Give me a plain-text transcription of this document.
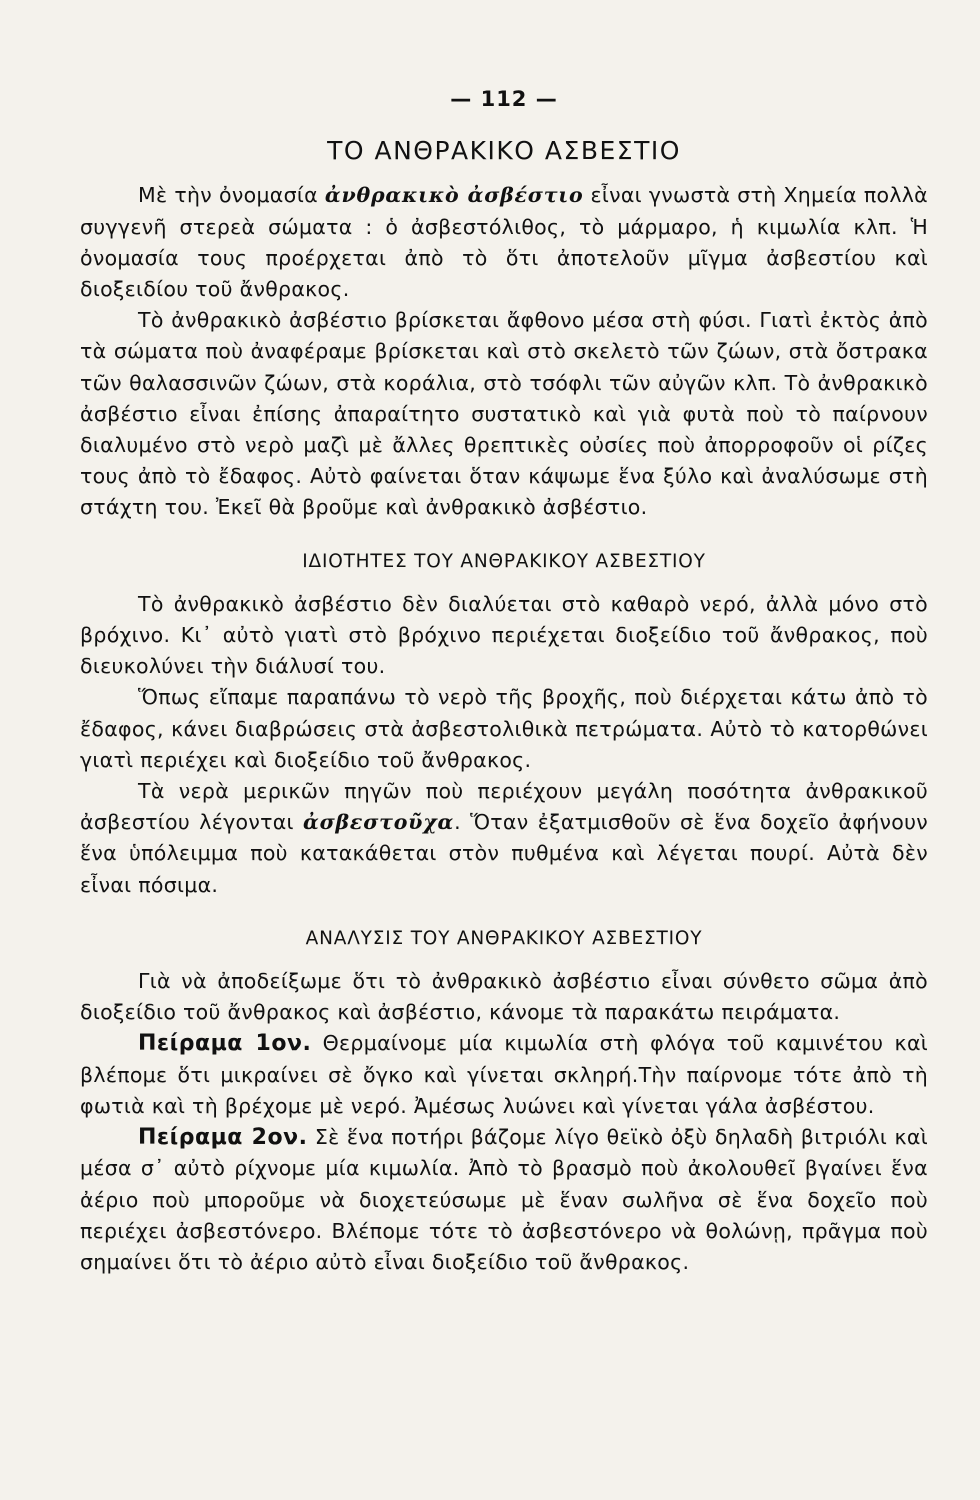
— 112 —
ΤΟ ΑΝΘΡΑΚΙΚΟ ΑΣΒΕΣΤΙΟ

Μὲ τὴν ὀνομασία ἀνθρακικὸ ἀσβέστιο εἶναι γνωστὰ στὴ Χημεία πολλὰ συγγενῆ στερεὰ σώματα : ὁ ἀσβεστόλιθος, τὸ μάρμαρο, ἡ κιμωλία κλπ. Ἡ ὀνομασία τους προέρχεται ἀπὸ τὸ ὅτι ἀποτελοῦν μῖγμα ἀσβεστίου καὶ διοξειδίου τοῦ ἄνθρακος.

Τὸ ἀνθρακικὸ ἀσβέστιο βρίσκεται ἄφθονο μέσα στὴ φύσι. Γιατὶ ἐκτὸς ἀπὸ τὰ σώματα ποὺ ἀναφέραμε βρίσκεται καὶ στὸ σκελετὸ τῶν ζώων, στὰ ὄστρακα τῶν θαλασσινῶν ζώων, στὰ κοράλια, στὸ τσόφλι τῶν αὐγῶν κλπ. Τὸ ἀνθρακικὸ ἀσβέστιο εἶναι ἐπίσης ἀπαραίτητο συστατικὸ καὶ γιὰ φυτὰ ποὺ τὸ παίρνουν διαλυμένο στὸ νερὸ μαζὶ μὲ ἄλλες θρεπτικὲς οὐσίες ποὺ ἀπορροφοῦν οἱ ρίζες τους ἀπὸ τὸ ἔδαφος. Αὐτὸ φαίνεται ὅταν κάψωμε ἕνα ξύλο καὶ ἀναλύσωμε στὴ στάχτη του. Ἐκεῖ θὰ βροῦμε καὶ ἀνθρακικὸ ἀσβέστιο.

ΙΔΙΟΤΗΤΕΣ ΤΟΥ ΑΝΘΡΑΚΙΚΟΥ ΑΣΒΕΣΤΙΟΥ

Τὸ ἀνθρακικὸ ἀσβέστιο δὲν διαλύεται στὸ καθαρὸ νερό, ἀλλὰ μόνο στὸ βρόχινο. Κι᾿ αὐτὸ γιατὶ στὸ βρόχινο περιέχεται διοξείδιο τοῦ ἄνθρακος, ποὺ διευκολύνει τὴν διάλυσί του.

Ὅπως εἴπαμε παραπάνω τὸ νερὸ τῆς βροχῆς, ποὺ διέρχεται κάτω ἀπὸ τὸ ἔδαφος, κάνει διαβρώσεις στὰ ἀσβεστολιθικὰ πετρώματα. Αὐτὸ τὸ κατορθώνει γιατὶ περιέχει καὶ διοξείδιο τοῦ ἄνθρακος.

Τὰ νερὰ μερικῶν πηγῶν ποὺ περιέχουν μεγάλη ποσότητα ἀνθρακικοῦ ἀσβεστίου λέγονται ἀσβεστοῦχα. Ὅταν ἐξατμισθοῦν σὲ ἕνα δοχεῖο ἀφήνουν ἕνα ὑπόλειμμα ποὺ κατακάθεται στὸν πυθμένα καὶ λέγεται πουρί. Αὐτὰ δὲν εἶναι πόσιμα.

ΑΝΑΛΥΣΙΣ ΤΟΥ ΑΝΘΡΑΚΙΚΟΥ ΑΣΒΕΣΤΙΟΥ

Γιὰ νὰ ἀποδείξωμε ὅτι τὸ ἀνθρακικὸ ἀσβέστιο εἶναι σύνθετο σῶμα ἀπὸ διοξείδιο τοῦ ἄνθρακος καὶ ἀσβέστιο, κάνομε τὰ παρακάτω πειράματα.

Πείραμα 1ον. Θερμαίνομε μία κιμωλία στὴ φλόγα τοῦ καμινέτου καὶ βλέπομε ὅτι μικραίνει σὲ ὄγκο καὶ γίνεται σκληρή.Τὴν παίρνομε τότε ἀπὸ τὴ φωτιὰ καὶ τὴ βρέχομε μὲ νερό. Ἀμέσως λυώνει καὶ γίνεται γάλα ἀσβέστου.

Πείραμα 2ον. Σὲ ἕνα ποτήρι βάζομε λίγο θεϊκὸ ὀξὺ δηλαδὴ βιτριόλι καὶ μέσα σ᾿ αὐτὸ ρίχνομε μία κιμωλία. Ἀπὸ τὸ βρασμὸ ποὺ ἀκολουθεῖ βγαίνει ἕνα ἀέριο ποὺ μποροῦμε νὰ διοχετεύσωμε μὲ ἕναν σωλῆνα σὲ ἕνα δοχεῖο ποὺ περιέχει ἀσβεστόνερο. Βλέπομε τότε τὸ ἀσβεστόνερο νὰ θολώνῃ, πρᾶγμα ποὺ σημαίνει ὅτι τὸ ἀέριο αὐτὸ εἶναι διοξείδιο τοῦ ἄνθρακος.
